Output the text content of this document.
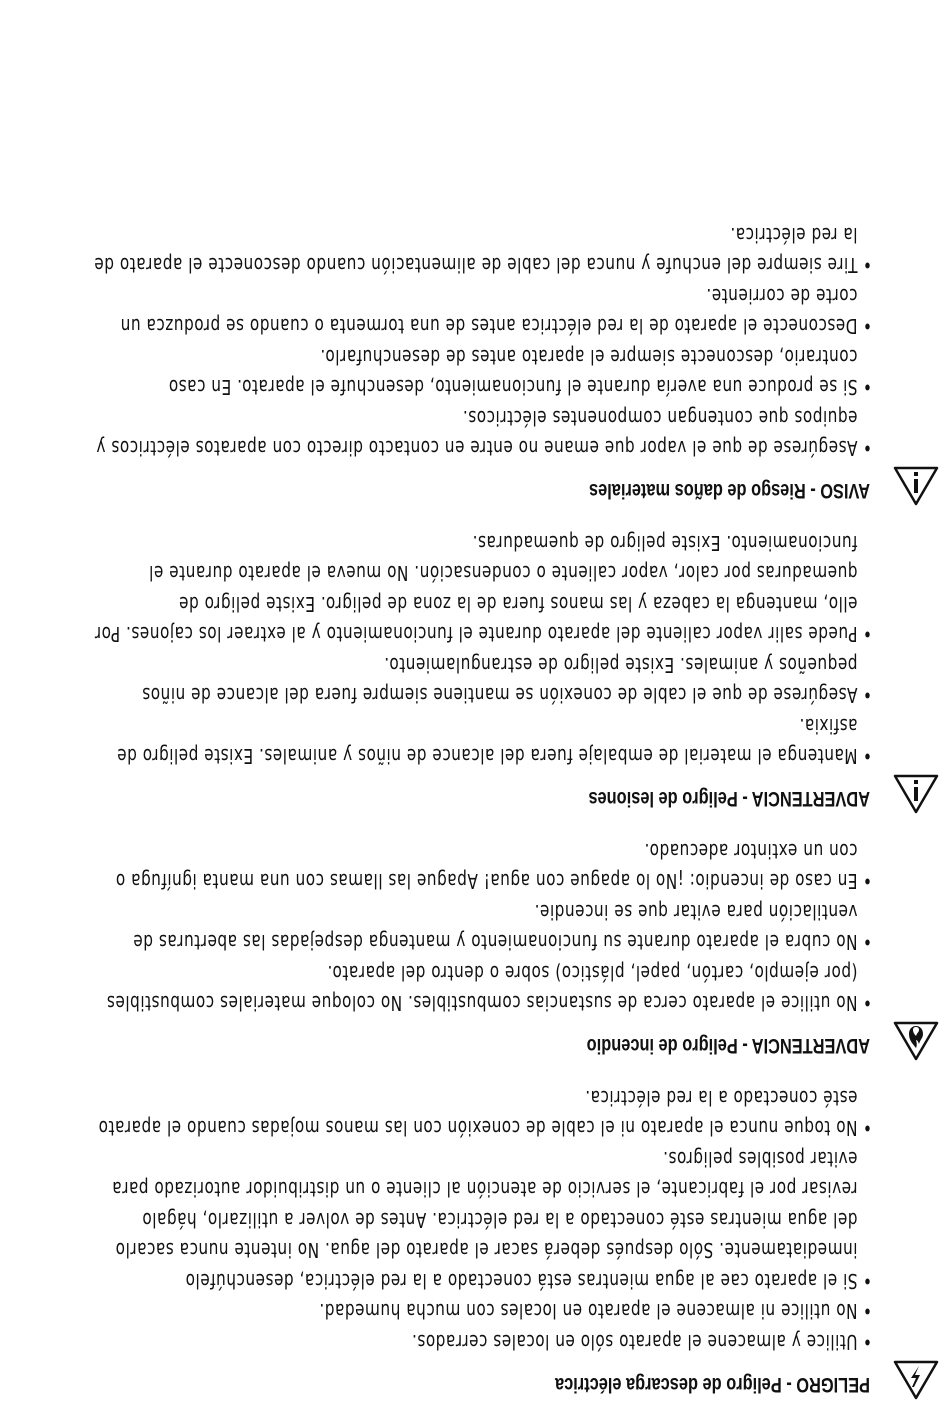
PELIGRO - Peligro de descarga eléctrica
• Utilice y almacene el aparato sólo en locales cerrados.
• No utilice ni almacene el aparato en locales con mucha humedad.
• Si el aparato cae al agua mientras está conectado a la red eléctrica, desenchúfelo inmediatamente. Sólo después deberá sacar el aparato del agua. No intente nunca sacarlo del agua mientras esté conectado a la red eléctrica. Antes de volver a utilizarlo, hágalo revisar por el fabricante, el servicio de atención al cliente o un distribuidor autorizado para evitar posibles peligros.
• No toque nunca el aparato ni el cable de conexión con las manos mojadas cuando el aparato esté conectado a la red eléctrica.
ADVERTENCIA - Peligro de incendio
• No utilice el aparato cerca de sustancias combustibles. No coloque materiales combustibles (por ejemplo, cartón, papel, plástico) sobre o dentro del aparato.
• No cubra el aparato durante su funcionamiento y mantenga despejadas las aberturas de ventilación para evitar que se incendie.
• En caso de incendio: ¡No lo apague con agua! Apague las llamas con una manta ignífuga o con un extintor adecuado.
ADVERTENCIA - Peligro de lesiones
• Mantenga el material de embalaje fuera del alcance de niños y animales. Existe peligro de asfixia.
• Asegúrese de que el cable de conexión se mantiene siempre fuera del alcance de niños pequeños y animales. Existe peligro de estrangulamiento.
• Puede salir vapor caliente del aparato durante el funcionamiento y al extraer los cajones. Por ello, mantenga la cabeza y las manos fuera de la zona de peligro. Existe peligro de quemaduras por calor, vapor caliente o condensación. No mueva el aparato durante el funcionamiento. Existe peligro de quemaduras.
AVISO - Riesgo de daños materiales
• Asegúrese de que el vapor que emane no entre en contacto directo con aparatos eléctricos y equipos que contengan componentes eléctricos.
• Si se produce una avería durante el funcionamiento, desenchufe el aparato. En caso contrario, desconecte siempre el aparato antes de desenchufarlo.
• Desconecte el aparato de la red eléctrica antes de una tormenta o cuando se produzca un corte de corriente.
• Tire siempre del enchufe y nunca del cable de alimentación cuando desconecte el aparato de la red eléctrica.
